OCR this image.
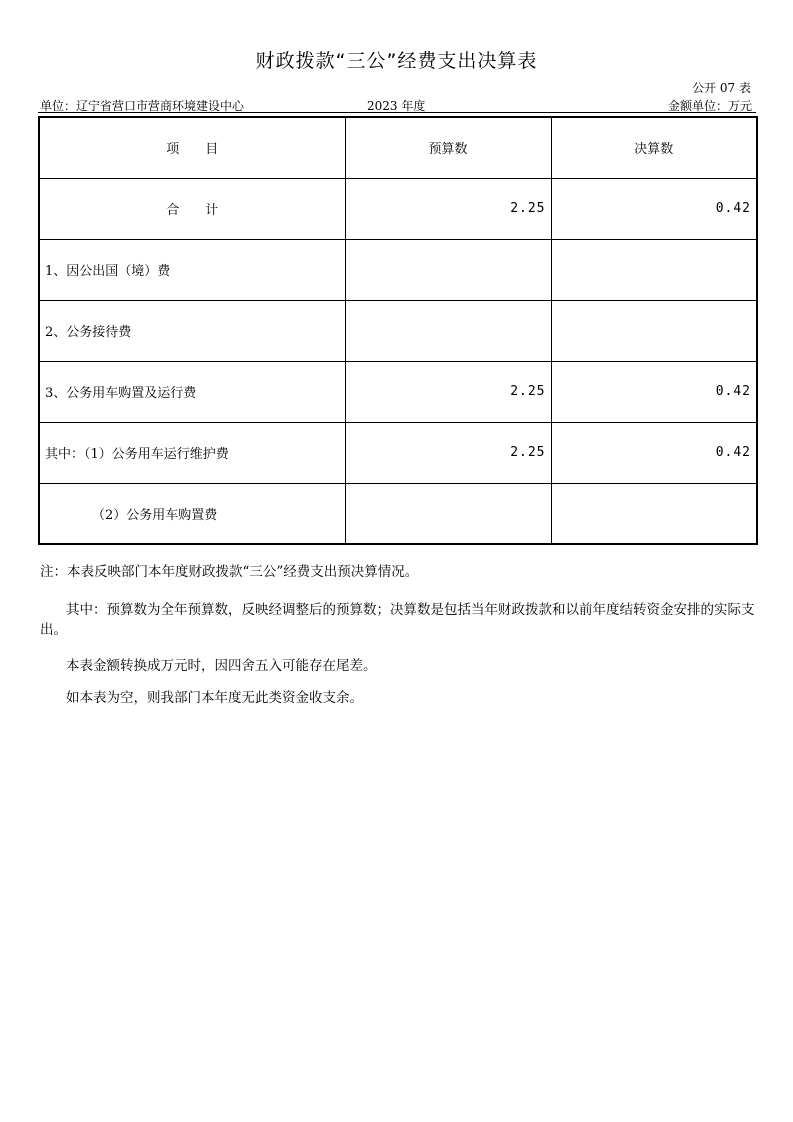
财政拨款“三公”经费支出决算表
公开 07 表
单位：辽宁省营口市营商环境建设中心	2023 年度	金额单位：万元
项　　目	预算数	决算数
合　　计	2.25	0.42
1、因公出国（境）费		
2、公务接待费		
3、公务用车购置及运行费	2.25	0.42
其中：（1）公务用车运行维护费	2.25	0.42
（2）公务用车购置费		

注：本表反映部门本年度财政拨款“三公”经费支出预决算情况。

其中：预算数为全年预算数，反映经调整后的预算数；决算数是包括当年财政拨款和以前年度结转资金安排的实际支出。

本表金额转换成万元时，因四舍五入可能存在尾差。

如本表为空，则我部门本年度无此类资金收支余。
